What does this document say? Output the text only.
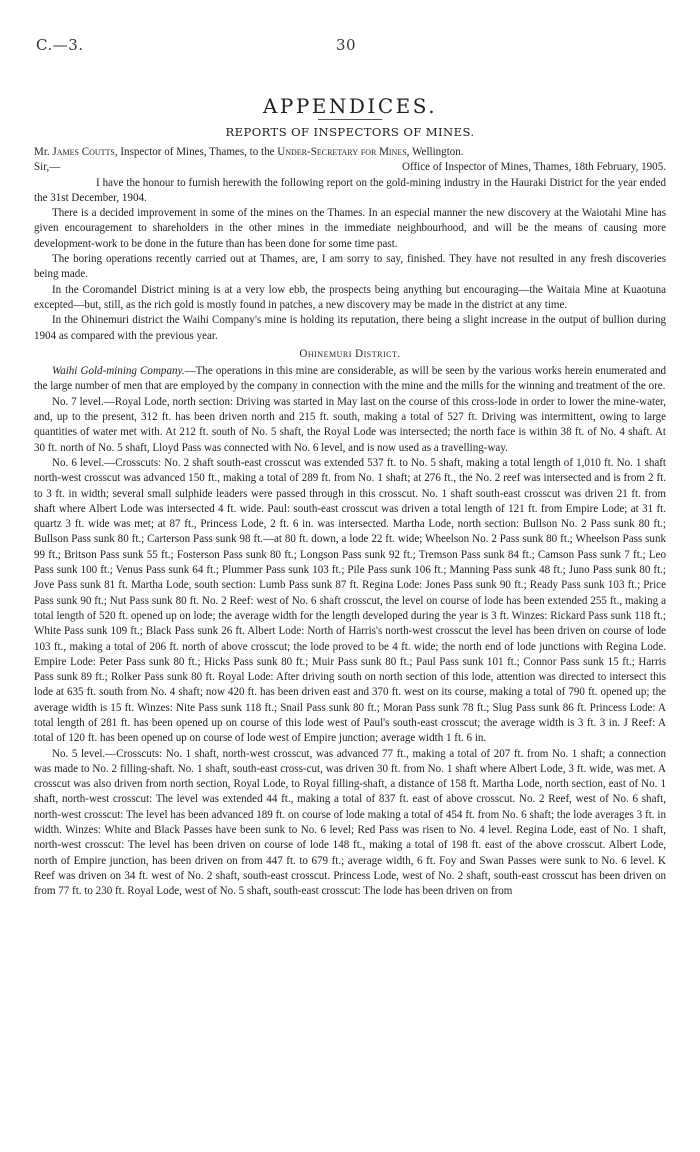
C.—3.	30
APPENDICES.
REPORTS OF INSPECTORS OF MINES.

Mr. James Coutts, Inspector of Mines, Thames, to the Under-Secretary for Mines, Wellington.

Sir,—	Office of Inspector of Mines, Thames, 18th February, 1905.

I have the honour to furnish herewith the following report on the gold-mining industry in the Hauraki District for the year ended the 31st December, 1904.

There is a decided improvement in some of the mines on the Thames. In an especial manner the new discovery at the Waiotahi Mine has given encouragement to shareholders in the other mines in the immediate neighbourhood, and will be the means of causing more development-work to be done in the future than has been done for some time past.

The boring operations recently carried out at Thames, are, I am sorry to say, finished. They have not resulted in any fresh discoveries being made.

In the Coromandel District mining is at a very low ebb, the prospects being anything but encouraging—the Waitaia Mine at Kuaotuna excepted—but, still, as the rich gold is mostly found in patches, a new discovery may be made in the district at any time.

In the Ohinemuri district the Waihi Company's mine is holding its reputation, there being a slight increase in the output of bullion during 1904 as compared with the previous year.

Ohinemuri District.

Waihi Gold-mining Company.—The operations in this mine are considerable, as will be seen by the various works herein enumerated and the large number of men that are employed by the company in connection with the mine and the mills for the winning and treatment of the ore.

No. 7 level.—Royal Lode, north section: Driving was started in May last on the course of this cross-lode in order to lower the mine-water, and, up to the present, 312 ft. has been driven north and 215 ft. south, making a total of 527 ft. Driving was intermittent, owing to large quantities of water met with. At 212 ft. south of No. 5 shaft, the Royal Lode was intersected; the north face is within 38 ft. of No. 4 shaft. At 30 ft. north of No. 5 shaft, Lloyd Pass was connected with No. 6 level, and is now used as a travelling-way.

No. 6 level.—Crosscuts: No. 2 shaft south-east crosscut was extended 537 ft. to No. 5 shaft, making a total length of 1,010 ft. No. 1 shaft north-west crosscut was advanced 150 ft., making a total of 289 ft. from No. 1 shaft; at 276 ft., the No. 2 reef was intersected and is from 2 ft. to 3 ft. in width; several small sulphide leaders were passed through in this crosscut. No. 1 shaft south-east crosscut was driven 21 ft. from shaft where Albert Lode was intersected 4 ft. wide. Paul: south-east crosscut was driven a total length of 121 ft. from Empire Lode; at 31 ft. quartz 3 ft. wide was met; at 87 ft., Princess Lode, 2 ft. 6 in. was intersected. Martha Lode, north section: Bullson No. 2 Pass sunk 80 ft.; Bullson Pass sunk 80 ft.; Carterson Pass sunk 98 ft.—at 80 ft. down, a lode 22 ft. wide; Wheelson No. 2 Pass sunk 80 ft.; Wheelson Pass sunk 99 ft.; Britson Pass sunk 55 ft.; Fosterson Pass sunk 80 ft.; Longson Pass sunk 92 ft.; Tremson Pass sunk 84 ft.; Camson Pass sunk 7 ft.; Leo Pass sunk 100 ft.; Venus Pass sunk 64 ft.; Plummer Pass sunk 103 ft.; Pile Pass sunk 106 ft.; Manning Pass sunk 48 ft.; Juno Pass sunk 80 ft.; Jove Pass sunk 81 ft. Martha Lode, south section: Lumb Pass sunk 87 ft. Regina Lode: Jones Pass sunk 90 ft.; Ready Pass sunk 103 ft.; Price Pass sunk 90 ft.; Nut Pass sunk 80 ft. No. 2 Reef: west of No. 6 shaft crosscut, the level on course of lode has been extended 255 ft., making a total length of 520 ft. opened up on lode; the average width for the length developed during the year is 3 ft. Winzes: Rickard Pass sunk 118 ft.; White Pass sunk 109 ft.; Black Pass sunk 26 ft. Albert Lode: North of Harris's north-west crosscut the level has been driven on course of lode 103 ft., making a total of 206 ft. north of above crosscut; the lode proved to be 4 ft. wide; the north end of lode junctions with Regina Lode. Empire Lode: Peter Pass sunk 80 ft.; Hicks Pass sunk 80 ft.; Muir Pass sunk 80 ft.; Paul Pass sunk 101 ft.; Connor Pass sunk 15 ft.; Harris Pass sunk 89 ft.; Rolker Pass sunk 80 ft. Royal Lode: After driving south on north section of this lode, attention was directed to intersect this lode at 635 ft. south from No. 4 shaft; now 420 ft. has been driven east and 370 ft. west on its course, making a total of 790 ft. opened up; the average width is 15 ft. Winzes: Nite Pass sunk 118 ft.; Snail Pass sunk 80 ft.; Moran Pass sunk 78 ft.; Slug Pass sunk 86 ft. Princess Lode: A total length of 281 ft. has been opened up on course of this lode west of Paul's south-east crosscut; the average width is 3 ft. 3 in. J Reef: A total of 120 ft. has been opened up on course of lode west of Empire junction; average width 1 ft. 6 in.

No. 5 level.—Crosscuts: No. 1 shaft, north-west crosscut, was advanced 77 ft., making a total of 207 ft. from No. 1 shaft; a connection was made to No. 2 filling-shaft. No. 1 shaft, south-east cross-cut, was driven 30 ft. from No. 1 shaft where Albert Lode, 3 ft. wide, was met. A crosscut was also driven from north section, Royal Lode, to Royal filling-shaft, a distance of 158 ft. Martha Lode, north section, east of No. 1 shaft, north-west crosscut: The level was extended 44 ft., making a total of 837 ft. east of above crosscut. No. 2 Reef, west of No. 6 shaft, north-west crosscut: The level has been advanced 189 ft. on course of lode making a total of 454 ft. from No. 6 shaft; the lode averages 3 ft. in width. Winzes: White and Black Passes have been sunk to No. 6 level; Red Pass was risen to No. 4 level. Regina Lode, east of No. 1 shaft, north-west crosscut: The level has been driven on course of lode 148 ft., making a total of 198 ft. east of the above crosscut. Albert Lode, north of Empire junction, has been driven on from 447 ft. to 679 ft.; average width, 6 ft. Foy and Swan Passes were sunk to No. 6 level. K Reef was driven on 34 ft. west of No. 2 shaft, south-east crosscut. Princess Lode, west of No. 2 shaft, south-east crosscut has been driven on from 77 ft. to 230 ft. Royal Lode, west of No. 5 shaft, south-east crosscut: The lode has been driven on from
